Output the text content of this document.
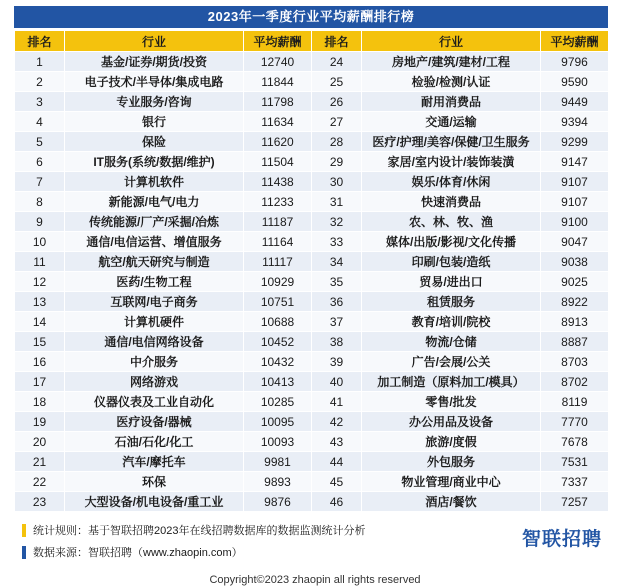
2023年一季度行业平均薪酬排行榜
排名	行业	平均薪酬	排名	行业	平均薪酬
1	基金/证券/期货/投资	12740	24	房地产/建筑/建材/工程	9796
2	电子技术/半导体/集成电路	11844	25	检验/检测/认证	9590
3	专业服务/咨询	11798	26	耐用消费品	9449
4	银行	11634	27	交通/运输	9394
5	保险	11620	28	医疗/护理/美容/保健/卫生服务	9299
6	IT服务(系统/数据/维护)	11504	29	家居/室内设计/装饰装潢	9147
7	计算机软件	11438	30	娱乐/体育/休闲	9107
8	新能源/电气/电力	11233	31	快速消费品	9107
9	传统能源/厂产/采掘/冶炼	11187	32	农、林、牧、渔	9100
10	通信/电信运营、增值服务	11164	33	媒体/出版/影视/文化传播	9047
11	航空/航天研究与制造	11117	34	印刷/包装/造纸	9038
12	医药/生物工程	10929	35	贸易/进出口	9025
13	互联网/电子商务	10751	36	租赁服务	8922
14	计算机硬件	10688	37	教育/培训/院校	8913
15	通信/电信网络设备	10452	38	物流/仓储	8887
16	中介服务	10432	39	广告/会展/公关	8703
17	网络游戏	10413	40	加工制造（原料加工/模具）	8702
18	仪器仪表及工业自动化	10285	41	零售/批发	8119
19	医疗设备/器械	10095	42	办公用品及设备	7770
20	石油/石化/化工	10093	43	旅游/度假	7678
21	汽车/摩托车	9981	44	外包服务	7531
22	环保	9893	45	物业管理/商业中心	7337
23	大型设备/机电设备/重工业	9876	46	酒店/餐饮	7257
统计规则：基于智联招聘2023年在线招聘数据库的数据监测统计分析
数据来源：智联招聘（www.zhaopin.com）
智联招聘
Copyright©2023 zhaopin all rights reserved
